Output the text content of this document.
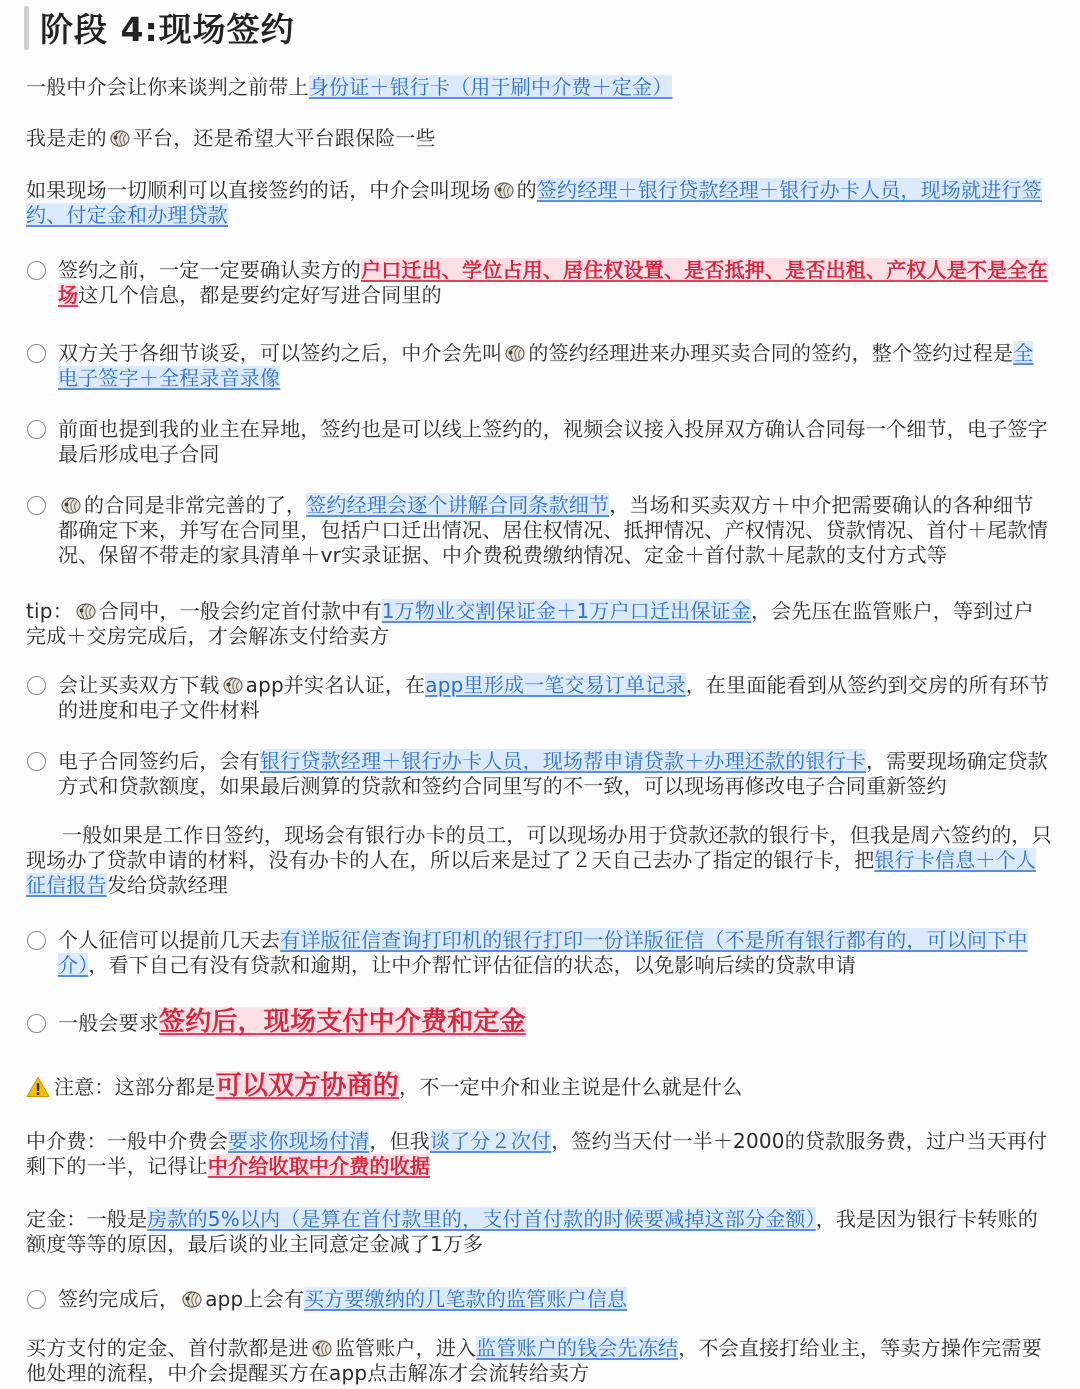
阶段 4:现场签约

一般中介会让你来谈判之前带上身份证＋银行卡（用于刷中介费＋定金）

我是走的 平台，还是希望大平台跟保险一些

如果现场一切顺利可以直接签约的话，中介会叫现场 的签约经理＋银行贷款经理＋银行办卡人员，现场就进行签约、付定金和办理贷款

签约之前，一定一定要确认卖方的户口迁出、学位占用、居住权设置、是否抵押、是否出租、产权人是不是全在场这几个信息，都是要约定好写进合同里的

双方关于各细节谈妥，可以签约之后，中介会先叫 的签约经理进来办理买卖合同的签约，整个签约过程是全电子签字＋全程录音录像

前面也提到我的业主在异地，签约也是可以线上签约的，视频会议接入投屏双方确认合同每一个细节，电子签字最后形成电子合同

的合同是非常完善的了，签约经理会逐个讲解合同条款细节，当场和买卖双方＋中介把需要确认的各种细节都确定下来，并写在合同里，包括户口迁出情况、居住权情况、抵押情况、产权情况、贷款情况、首付＋尾款情况、保留不带走的家具清单＋vr实录证据、中介费税费缴纳情况、定金＋首付款＋尾款的支付方式等

tip： 合同中，一般会约定首付款中有1万物业交割保证金＋1万户口迁出保证金，会先压在监管账户，等到过户完成＋交房完成后，才会解冻支付给卖方

会让买卖双方下载 app并实名认证，在app里形成一笔交易订单记录，在里面能看到从签约到交房的所有环节的进度和电子文件材料

电子合同签约后，会有银行贷款经理＋银行办卡人员，现场帮申请贷款＋办理还款的银行卡，需要现场确定贷款方式和贷款额度，如果最后测算的贷款和签约合同里写的不一致，可以现场再修改电子合同重新签约

一般如果是工作日签约，现场会有银行办卡的员工，可以现场办用于贷款还款的银行卡，但我是周六签约的，只现场办了贷款申请的材料，没有办卡的人在，所以后来是过了２天自己去办了指定的银行卡，把银行卡信息＋个人征信报告发给贷款经理

个人征信可以提前几天去有详版征信查询打印机的银行打印一份详版征信（不是所有银行都有的，可以问下中介），看下自己有没有贷款和逾期，让中介帮忙评估征信的状态，以免影响后续的贷款申请

一般会要求签约后，现场支付中介费和定金

注意：这部分都是可以双方协商的，不一定中介和业主说是什么就是什么

中介费：一般中介费会要求你现场付清，但我谈了分２次付，签约当天付一半＋2000的贷款服务费，过户当天再付剩下的一半，记得让中介给收取中介费的收据

定金：一般是房款的5%以内（是算在首付款里的，支付首付款的时候要减掉这部分金额），我是因为银行卡转账的额度等等的原因，最后谈的业主同意定金减了1万多

签约完成后， app上会有买方要缴纳的几笔款的监管账户信息

买方支付的定金、首付款都是进 监管账户，进入监管账户的钱会先冻结，不会直接打给业主，等卖方操作完需要他处理的流程，中介会提醒买方在app点击解冻才会流转给卖方
